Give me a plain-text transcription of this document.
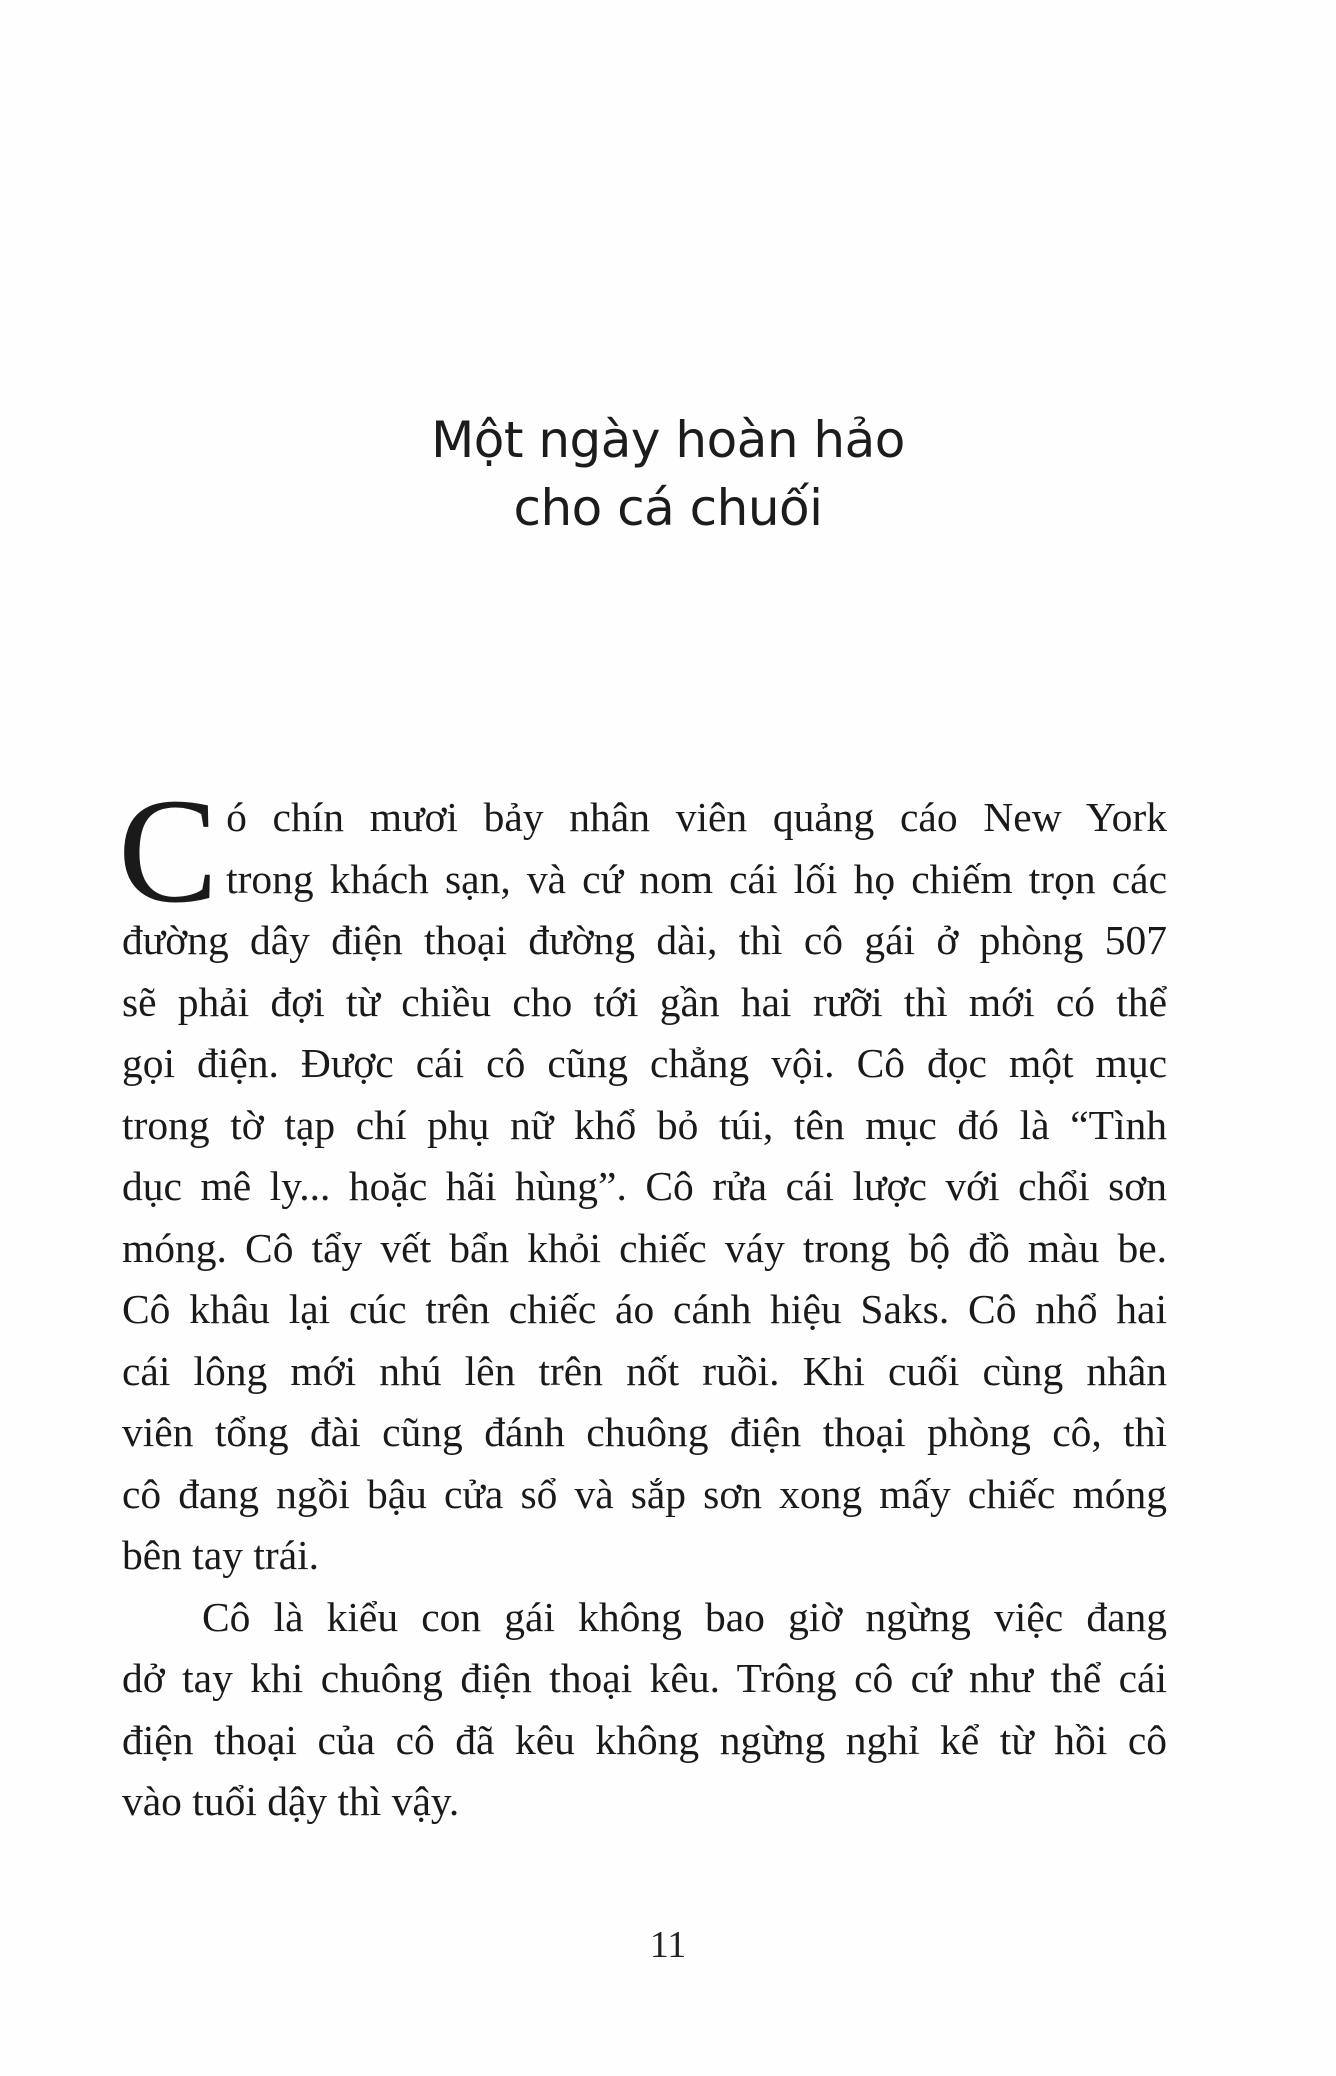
Một ngày hoàn hảo
cho cá chuối
C ó chín mươi bảy nhân viên quảng cáo New York
trong khách sạn, và cứ nom cái lối họ chiếm trọn các
đường dây điện thoại đường dài, thì cô gái ở phòng 507
sẽ phải đợi từ chiều cho tới gần hai rưỡi thì mới có thể
gọi điện. Được cái cô cũng chẳng vội. Cô đọc một mục
trong tờ tạp chí phụ nữ khổ bỏ túi, tên mục đó là “Tình
dục mê ly... hoặc hãi hùng”. Cô rửa cái lược với chổi sơn
móng. Cô tẩy vết bẩn khỏi chiếc váy trong bộ đồ màu be.
Cô khâu lại cúc trên chiếc áo cánh hiệu Saks. Cô nhổ hai
cái lông mới nhú lên trên nốt ruồi. Khi cuối cùng nhân
viên tổng đài cũng đánh chuông điện thoại phòng cô, thì
cô đang ngồi bậu cửa sổ và sắp sơn xong mấy chiếc móng
bên tay trái.
Cô là kiểu con gái không bao giờ ngừng việc đang
dở tay khi chuông điện thoại kêu. Trông cô cứ như thể cái
điện thoại của cô đã kêu không ngừng nghỉ kể từ hồi cô
vào tuổi dậy thì vậy.
11
